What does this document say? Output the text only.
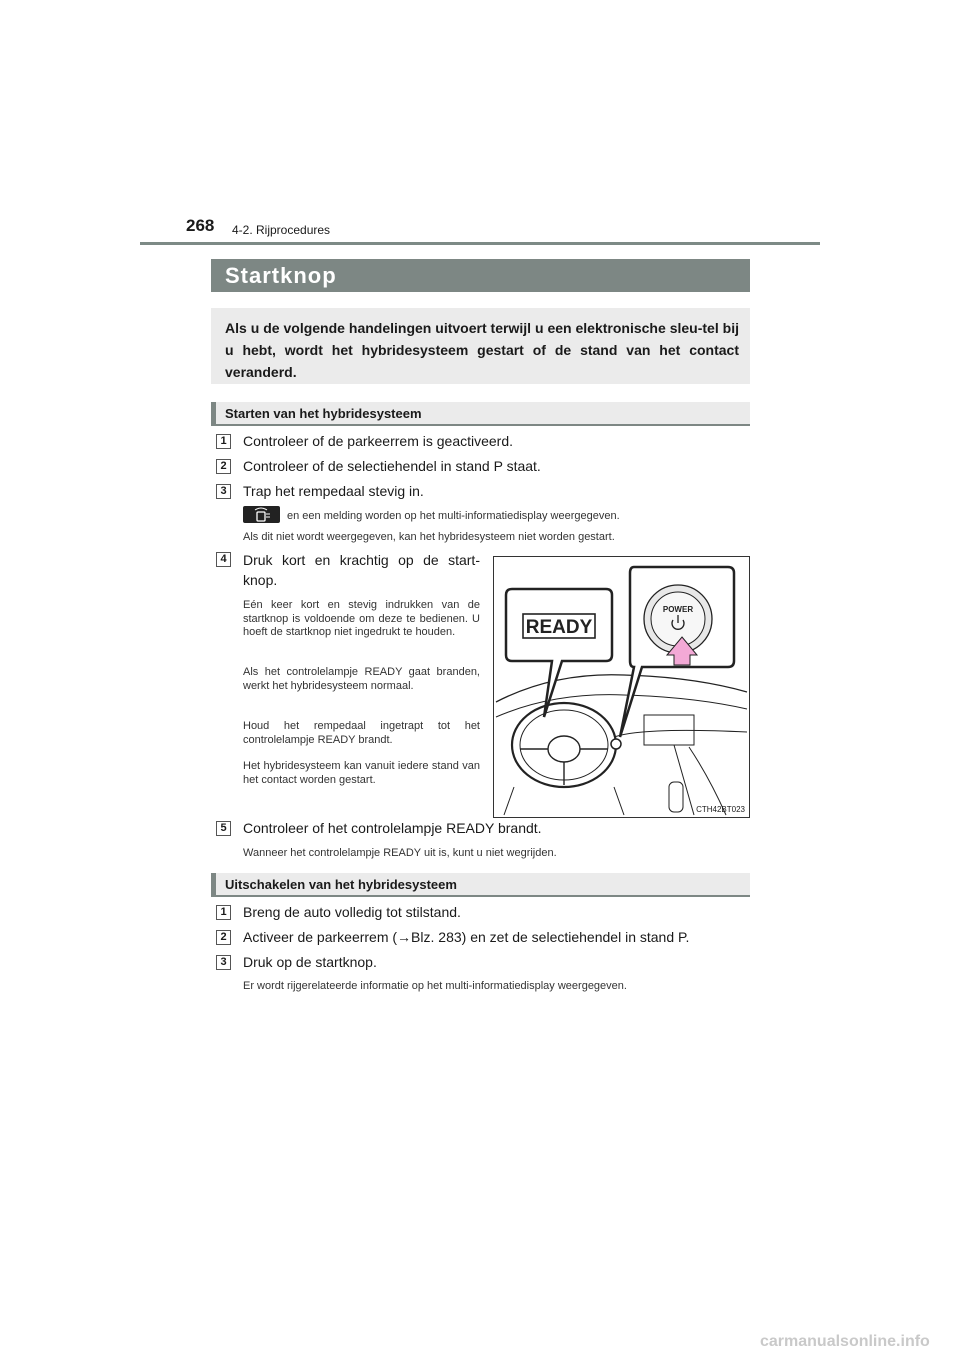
268 4-2. Rijprocedures
Startknop
Als u de volgende handelingen uitvoert terwijl u een elektronische sleu-tel bij u hebt, wordt het hybridesysteem gestart of de stand van het contact veranderd.
Starten van het hybridesysteem
1	Controleer of de parkeerrem is geactiveerd.
2	Controleer of de selectiehendel in stand P staat.
3	Trap het rempedaal stevig in.
en een melding worden op het multi-informatiedisplay weergegeven.
Als dit niet wordt weergegeven, kan het hybridesysteem niet worden gestart.
4	Druk kort en krachtig op de start-knop.
Eén keer kort en stevig indrukken van de startknop is voldoende om deze te bedienen. U hoeft de startknop niet ingedrukt te houden.
Als het controlelampje READY gaat branden, werkt het hybridesysteem normaal.
Houd het rempedaal ingetrapt tot het controlelampje READY brandt.
Het hybridesysteem kan vanuit iedere stand van het contact worden gestart.
READY
POWER
CTH42BT023
5	Controleer of het controlelampje READY brandt.
Wanneer het controlelampje READY uit is, kunt u niet wegrijden.
Uitschakelen van het hybridesysteem
1	Breng de auto volledig tot stilstand.
2	Activeer de parkeerrem (→Blz. 283) en zet de selectiehendel in stand P.
3	Druk op de startknop.
Er wordt rijgerelateerde informatie op het multi-informatiedisplay weergegeven.
carmanualsonline.info
